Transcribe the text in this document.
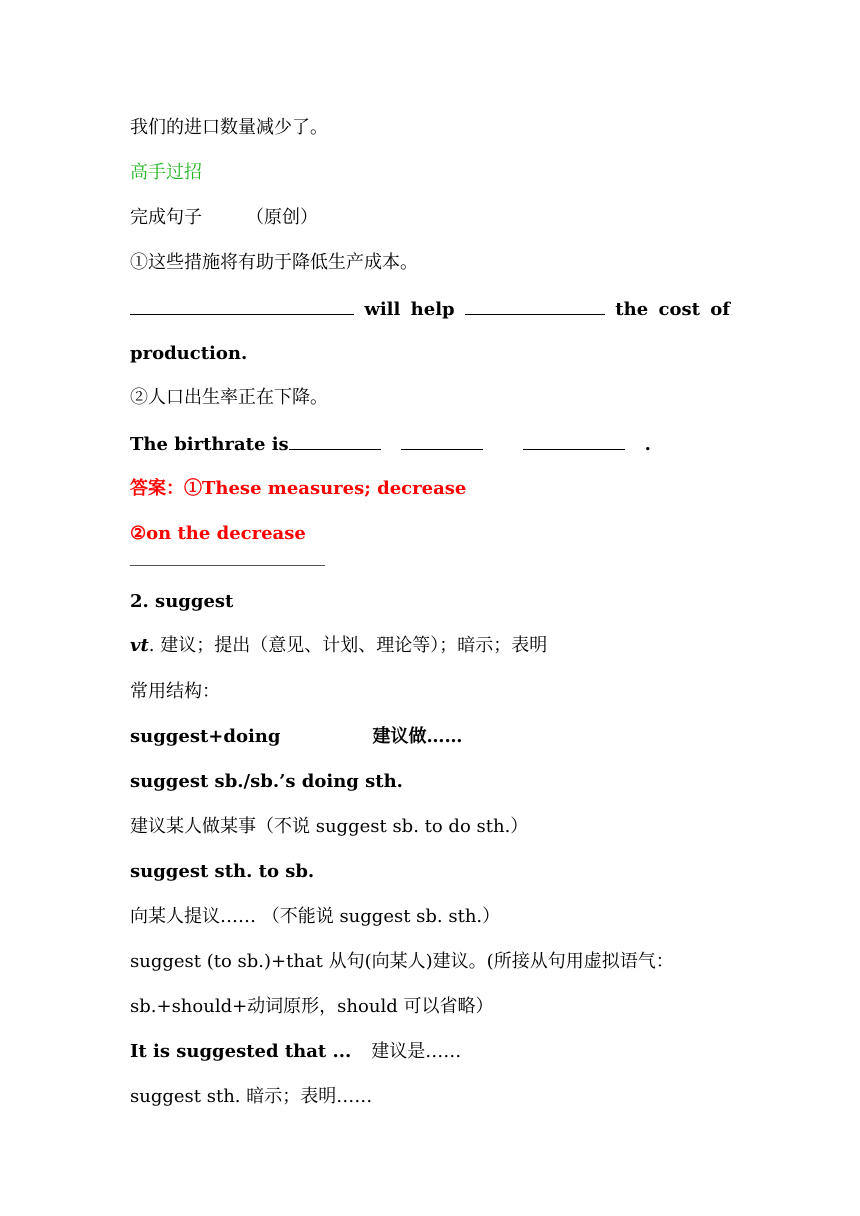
我们的进口数量减少了。
高手过招
完成句子 （原创）
①这些措施将有助于降低生产成本。
will help	the cost of
production.
②人口出生率正在下降。
The birthrate is	.
答案：①These measures; decrease
②on the decrease
2. suggest
vt. 建议；提出（意见、计划、理论等）；暗示；表明
常用结构：
suggest+doing	建议做……
suggest sb./sb.’s doing sth.
建议某人做某事（不说 suggest sb. to do sth.）
suggest sth. to sb.
向某人提议…… （不能说 suggest sb. sth.）
suggest (to sb.)+that 从句(向某人)建议。(所接从句用虚拟语气：
sb.+should+动词原形，should 可以省略）
It is suggested that ... 建议是……
suggest sth. 暗示；表明……
